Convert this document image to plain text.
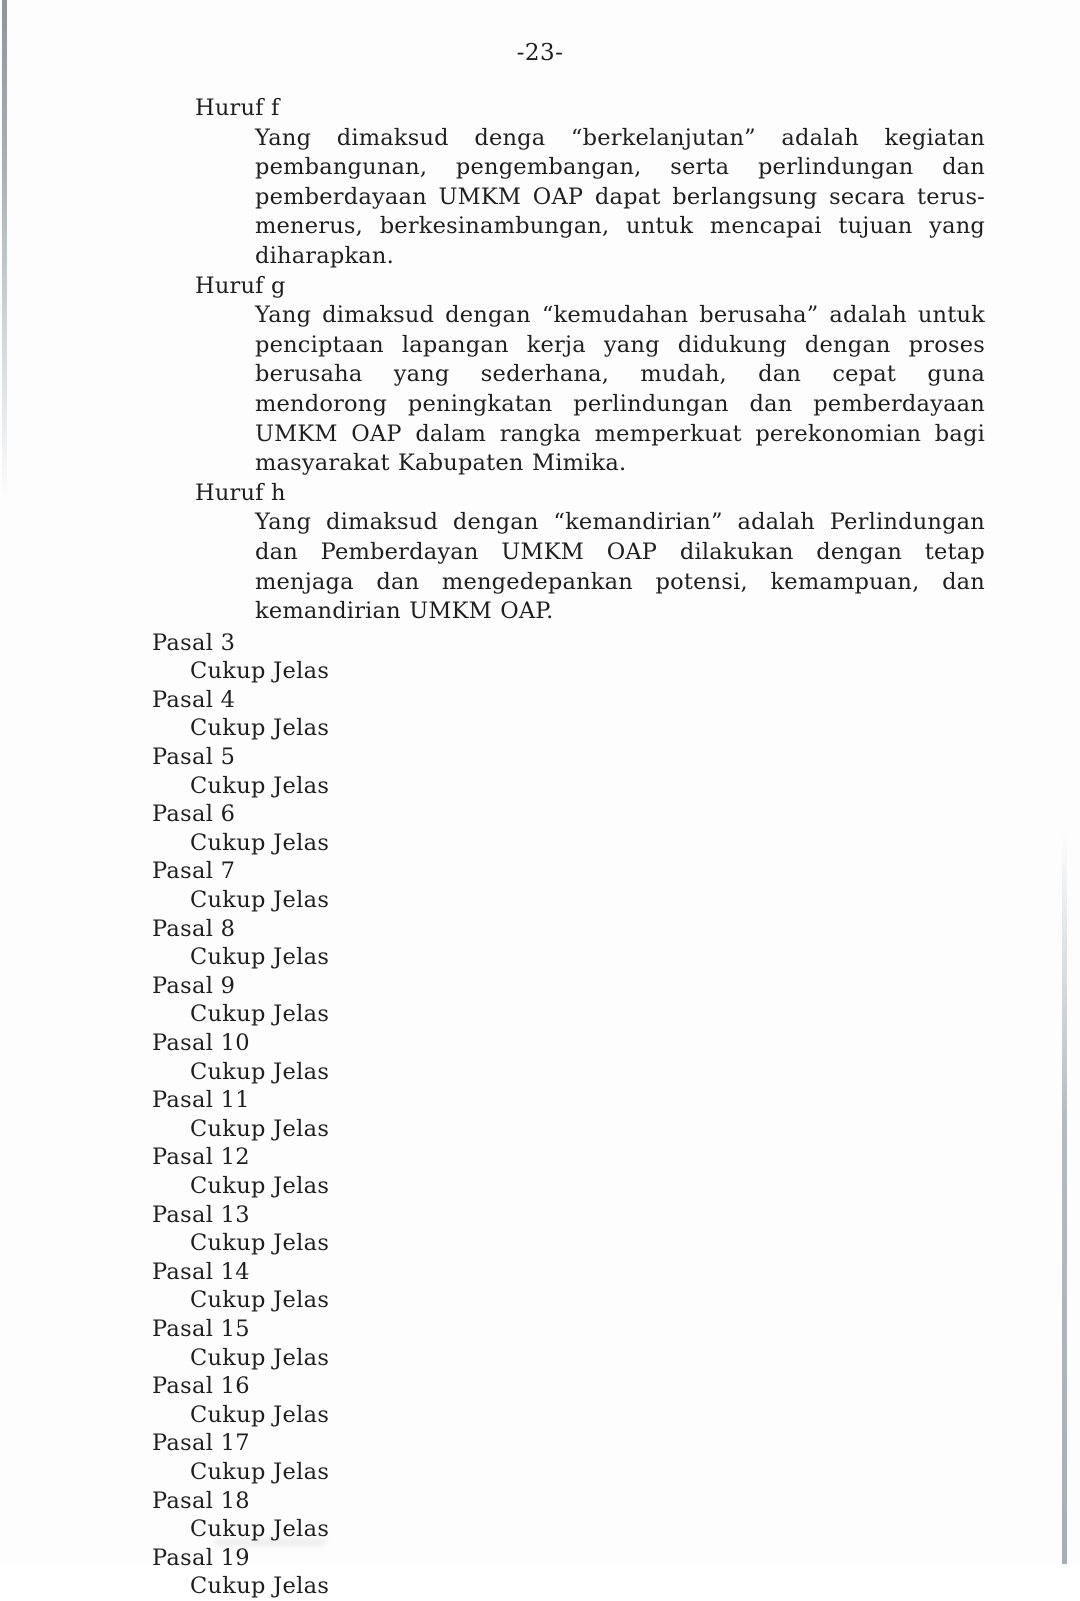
-23-
Huruf f
Yang dimaksud denga “berkelanjutan” adalah kegiatan pembangunan, pengembangan, serta perlindungan dan pemberdayaan UMKM OAP dapat berlangsung secara terus-menerus, berkesinambungan, untuk mencapai tujuan yang diharapkan.
Huruf g
Yang dimaksud dengan “kemudahan berusaha” adalah untuk penciptaan lapangan kerja yang didukung dengan proses berusaha yang sederhana, mudah, dan cepat guna mendorong peningkatan perlindungan dan pemberdayaan UMKM OAP dalam rangka memperkuat perekonomian bagi masyarakat Kabupaten Mimika.
Huruf h
Yang dimaksud dengan “kemandirian” adalah Perlindungan dan Pemberdayan UMKM OAP dilakukan dengan tetap menjaga dan mengedepankan potensi, kemampuan, dan kemandirian UMKM OAP.
Pasal 3
Cukup Jelas
Pasal 4
Cukup Jelas
Pasal 5
Cukup Jelas
Pasal 6
Cukup Jelas
Pasal 7
Cukup Jelas
Pasal 8
Cukup Jelas
Pasal 9
Cukup Jelas
Pasal 10
Cukup Jelas
Pasal 11
Cukup Jelas
Pasal 12
Cukup Jelas
Pasal 13
Cukup Jelas
Pasal 14
Cukup Jelas
Pasal 15
Cukup Jelas
Pasal 16
Cukup Jelas
Pasal 17
Cukup Jelas
Pasal 18
Cukup Jelas
Pasal 19
Cukup Jelas
